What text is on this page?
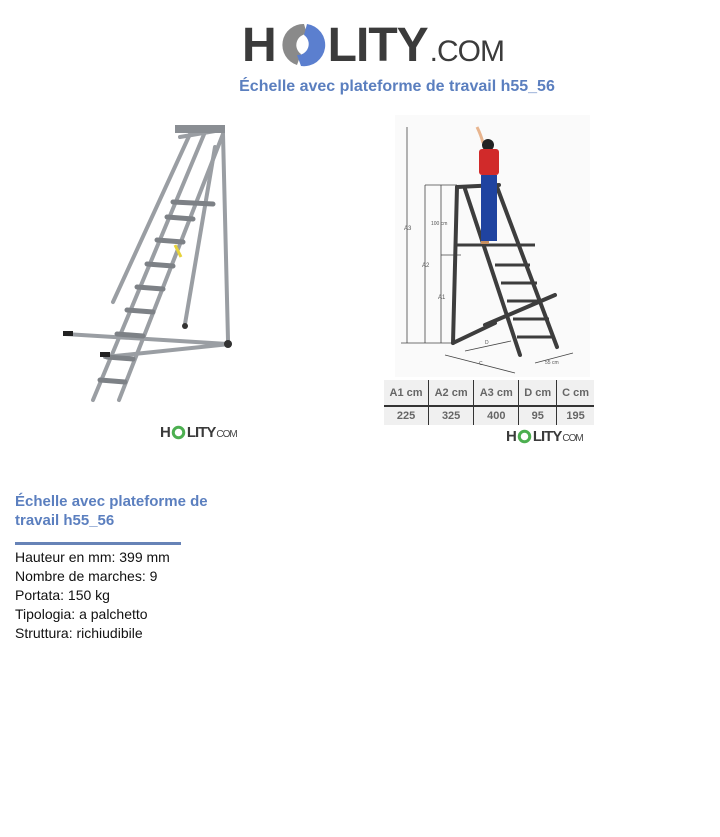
H LITY .COM
Échelle avec plateforme de travail h55_56
A3
A2
A1
100 cm
D
C	55 cm
A1 cm	A2 cm	A3 cm	D cm	C cm
225	325	400	95	195
H LITY COM	H LITY COM
Échelle avec plateforme de travail h55_56
Hauteur en mm: 399 mm
Nombre de marches: 9
Portata: 150 kg
Tipologia: a palchetto
Struttura: richiudibile
